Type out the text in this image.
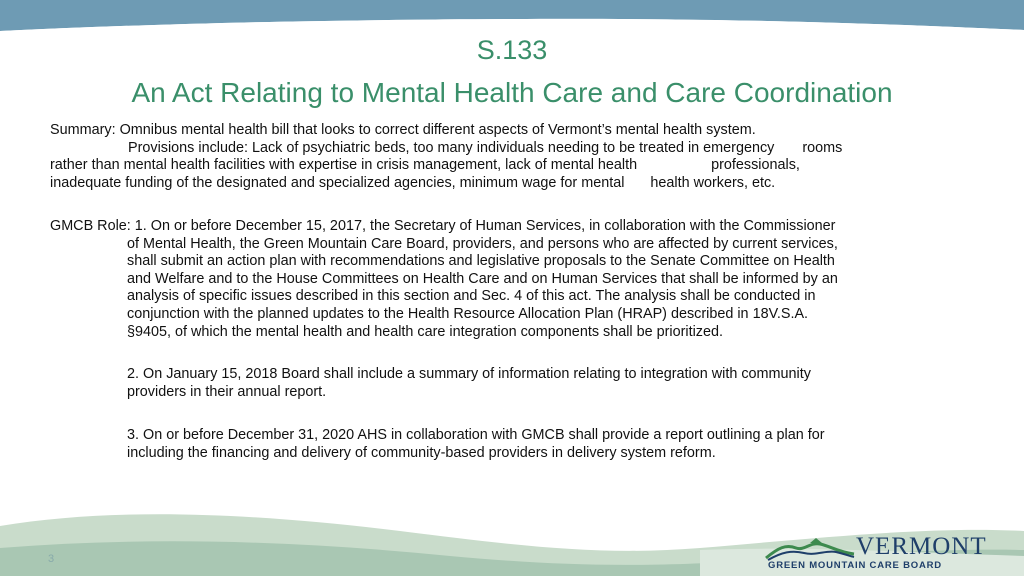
S.133
An Act Relating to Mental Health Care and Care Coordination
Summary: Omnibus mental health bill that looks to correct different aspects of Vermont’s mental health system.
Provisions include: Lack of psychiatric beds, too many individuals needing to be treated in emergency rooms
rather than mental health facilities with expertise in crisis management, lack of mental health	professionals,
inadequate funding of the designated and specialized agencies, minimum wage for mental health workers, etc.
GMCB Role: 1. On or before December 15, 2017, the Secretary of Human Services, in collaboration with the Commissioner
of Mental Health, the Green Mountain Care Board, providers, and persons who are affected by current services,
shall submit an action plan with recommendations and legislative proposals to the Senate Committee on Health
and Welfare and to the House Committees on Health Care and on Human Services that shall be informed by an
analysis of specific issues described in this section and Sec. 4 of this act. The analysis shall be conducted in
conjunction with the planned updates to the Health Resource Allocation Plan (HRAP) described in 18V.S.A.
§9405, of which the mental health and health care integration components shall be prioritized.
2. On January 15, 2018 Board shall include a summary of information relating to integration with community
providers in their annual report.
3. On or before December 31, 2020 AHS in collaboration with GMCB shall provide a report outlining a plan for
including the financing and delivery of community-based providers in delivery system reform.
3	VERMONT
GREEN MOUNTAIN CARE BOARD
